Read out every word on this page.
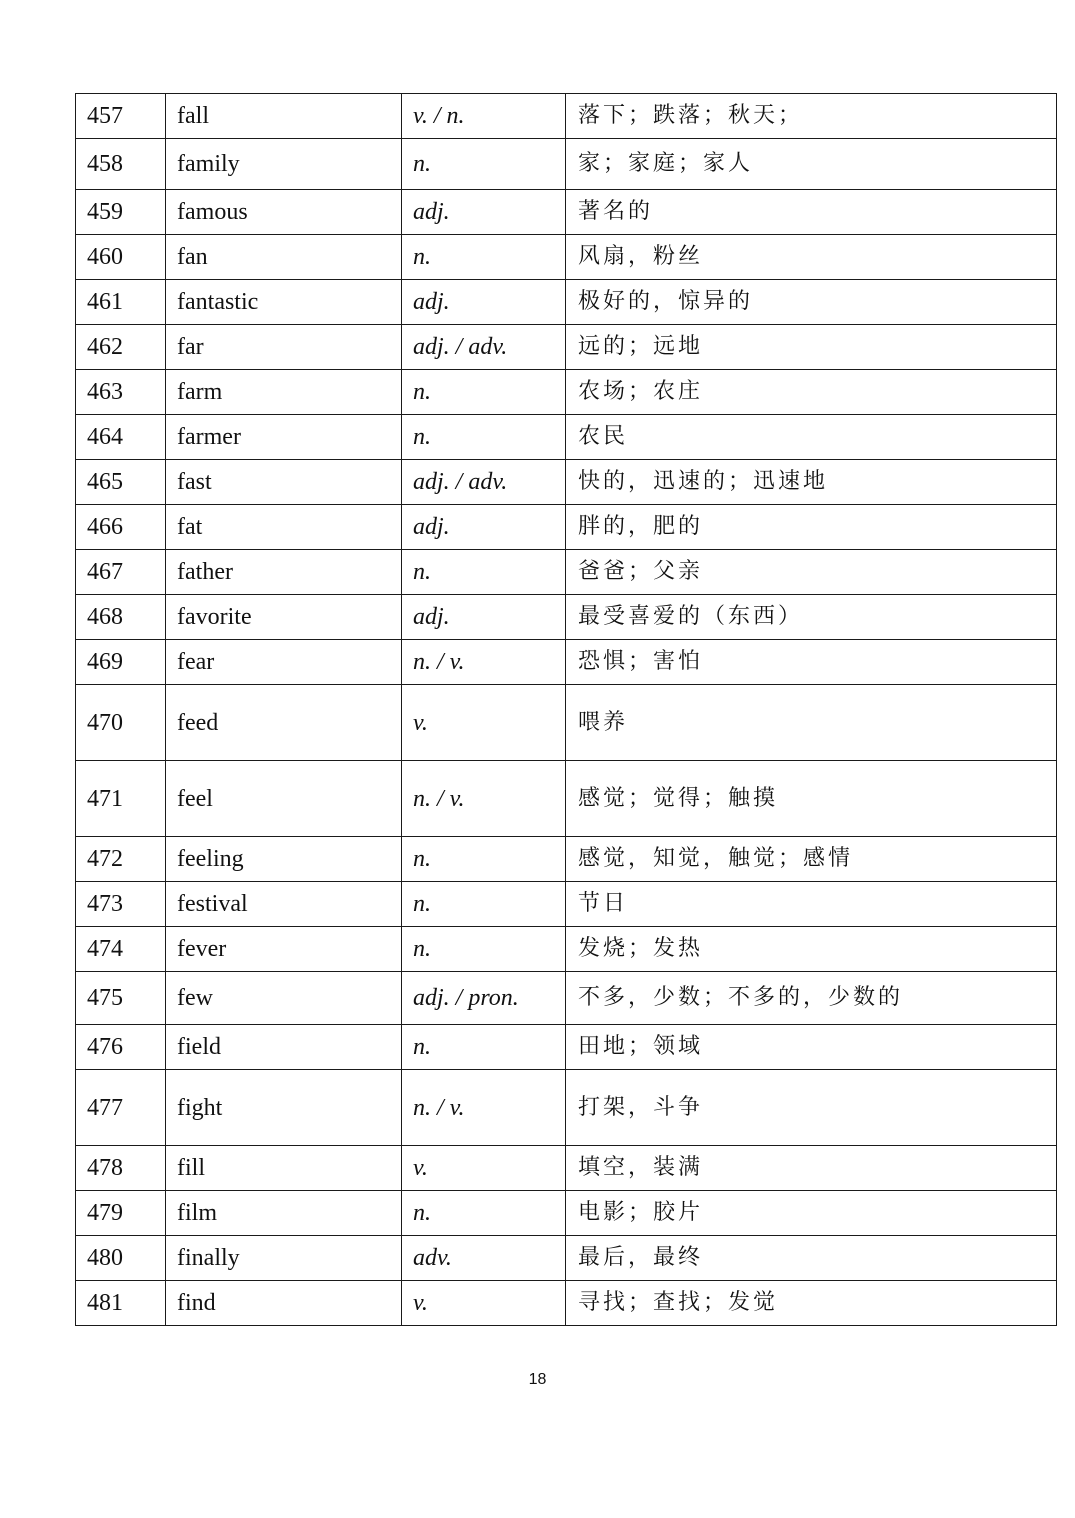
457	fall	v. / n.	落下；跌落；秋天；
458	family	n.	家；家庭；家人
459	famous	adj.	著名的
460	fan	n.	风扇，粉丝
461	fantastic	adj.	极好的，惊异的
462	far	adj. / adv.	远的；远地
463	farm	n.	农场；农庄
464	farmer	n.	农民
465	fast	adj. / adv.	快的，迅速的；迅速地
466	fat	adj.	胖的，肥的
467	father	n.	爸爸；父亲
468	favorite	adj.	最受喜爱的（东西）
469	fear	n. / v.	恐惧；害怕
470	feed	v.	喂养
471	feel	n. / v.	感觉；觉得；触摸
472	feeling	n.	感觉，知觉，触觉；感情
473	festival	n.	节日
474	fever	n.	发烧；发热
475	few	adj. / pron.	不多，少数；不多的，少数的
476	field	n.	田地；领域
477	fight	n. / v.	打架，斗争
478	fill	v.	填空，装满
479	film	n.	电影；胶片
480	finally	adv.	最后，最终
481	find	v.	寻找；查找；发觉
18
